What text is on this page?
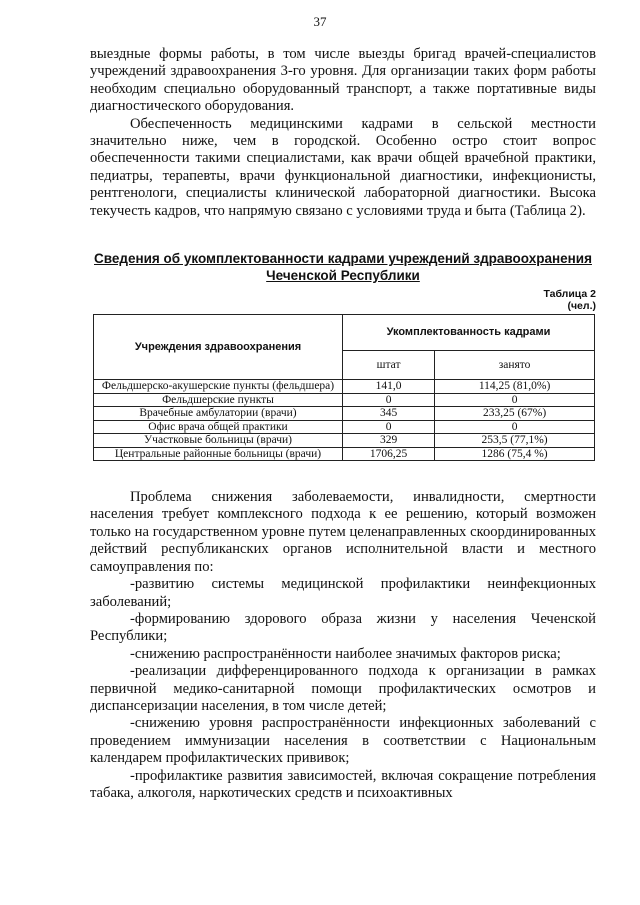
37

выездные формы работы, в том числе выезды бригад врачей-специалистов учреждений здравоохранения 3-го уровня. Для организации таких форм работы необходим специально оборудованный транспорт, а также портативные виды диагностического оборудования.

Обеспеченность медицинскими кадрами в сельской местности значительно ниже, чем в городской. Особенно остро стоит вопрос обеспеченности такими специалистами, как врачи общей врачебной практики, педиатры, терапевты, врачи функциональной диагностики, инфекционисты, рентгенологи, специалисты клинической лабораторной диагностики. Высока текучесть кадров, что напрямую связано с условиями труда и быта (Таблица 2).

Сведения об укомплектованности кадрами учреждений здравоохранения Чеченской Республики
Таблица 2
(чел.)
Учреждения здравоохранения	Укомплектованность кадрами	
	штат	занято
Фельдшерско-акушерские пункты (фельдшера)	141,0	114,25 (81,0%)
Фельдшерские пункты	0	0
Врачебные амбулатории (врачи)	345	233,25 (67%)
Офис врача общей практики	0	0
Участковые больницы (врачи)	329	253,5 (77,1%)
Центральные районные больницы (врачи)	1706,25	1286 (75,4 %)

Проблема снижения заболеваемости, инвалидности, смертности населения требует комплексного подхода к ее решению, который возможен только на государственном уровне путем целенаправленных скоординированных действий республиканских органов исполнительной власти и местного самоуправления по:

-развитию системы медицинской профилактики неинфекционных заболеваний;

-формированию здорового образа жизни у населения Чеченской Республики;

-снижению распространённости наиболее значимых факторов риска;

-реализации дифференцированного подхода к организации в рамках первичной медико-санитарной помощи профилактических осмотров и диспансеризации населения, в том числе детей;

-снижению уровня распространённости инфекционных заболеваний с проведением иммунизации населения в соответствии с Национальным календарем профилактических прививок;

-профилактике развития зависимостей, включая сокращение потребления табака, алкоголя, наркотических средств и психоактивных
